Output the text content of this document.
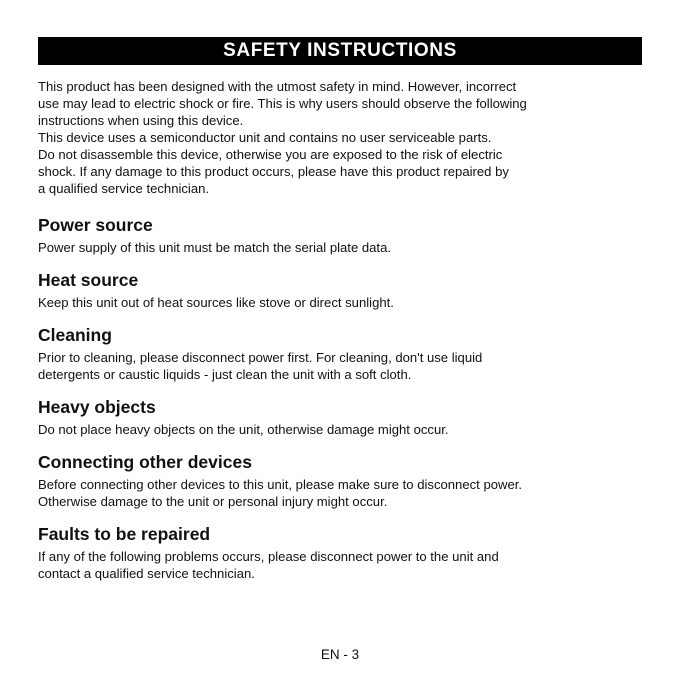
SAFETY INSTRUCTIONS

This product has been designed with the utmost safety in mind. However, incorrect
use may lead to electric shock or fire. This is why users should observe the following
instructions when using this device.
This device uses a semiconductor unit and contains no user serviceable parts.
Do not disassemble this device, otherwise you are exposed to the risk of electric
shock. If any damage to this product occurs, please have this product repaired by
a qualified service technician.

Power source

Power supply of this unit must be match the serial plate data.

Heat source

Keep this unit out of heat sources like stove or direct sunlight.

Cleaning

Prior to cleaning, please disconnect power first. For cleaning, don't use liquid
detergents or caustic liquids - just clean the unit with a soft cloth.

Heavy objects

Do not place heavy objects on the unit, otherwise damage might occur.

Connecting other devices

Before connecting other devices to this unit, please make sure to disconnect power.
Otherwise damage to the unit or personal injury might occur.

Faults to be repaired

If any of the following problems occurs, please disconnect power to the unit and
contact a qualified service technician.

EN - 3
